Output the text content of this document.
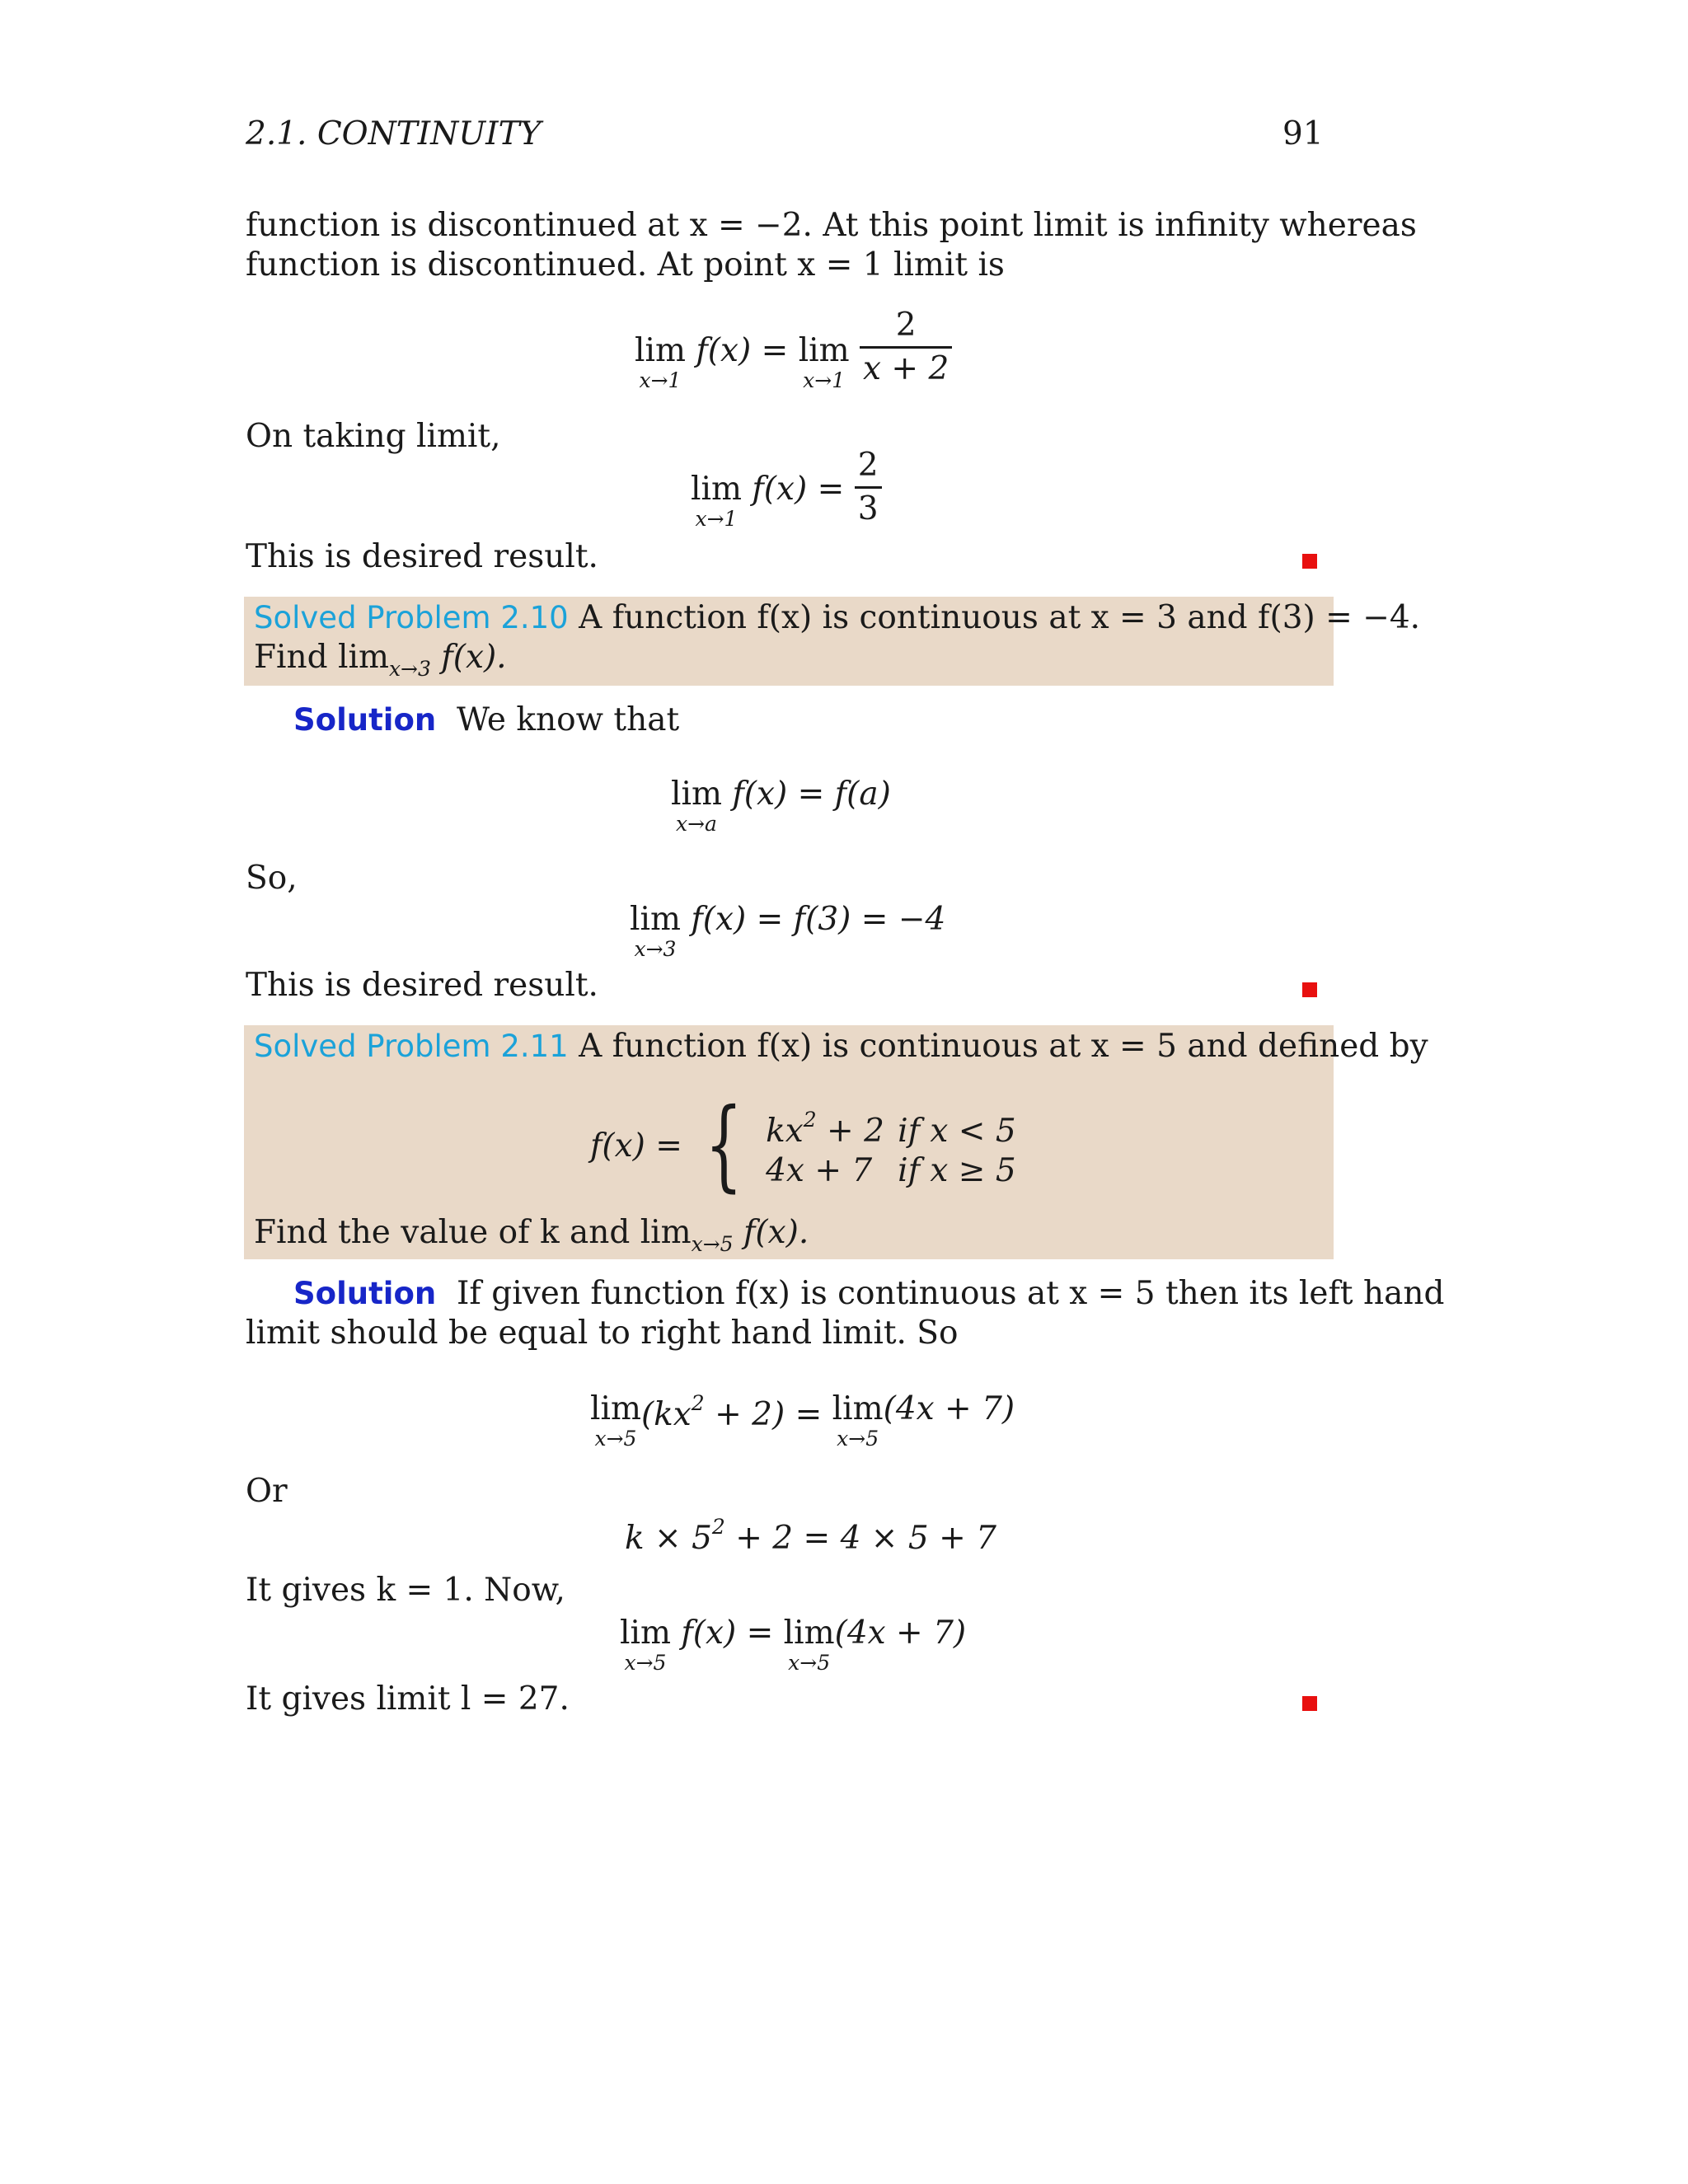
2.1. CONTINUITY	91
function is discontinued at x = −2. At this point limit is infinity whereas
function is discontinued. At point x = 1 limit is
lim
x→1
f(x) = lim
x→1
$\frac{2}{x + 2}$
On taking limit,
lim
x→1
$f(x) = \frac{2}{3}$
This is desired result.
Solved Problem 2.10 A function f(x) is continuous at x = 3 and f(3) = −4.
Find $\lim_{x\to 3} f(x)$.
Solution We know that
lim
x→a
f(x) = f(a)
So,
lim
x→3
f(x) = f(3) = −4
This is desired result.
Solved Problem 2.11 A function f(x) is continuous at x = 5 and defined by
f(x) = { $kx^2 + 2$ if x < 5
4x + 7 if x ≥ 5
Find the value of k and $\lim_{x\to 5} f(x)$.
Solution If given function f(x) is continuous at x = 5 then its left hand
limit should be equal to right hand limit. So
lim
x→5
$(kx^2 + 2) = \lim$
x→5
(4x + 7)
Or
$k \times 5^2 + 2 = 4 \times 5 + 7$
It gives k = 1. Now,
lim
x→5
f(x) = lim
x→5
(4x + 7)
It gives limit l = 27.
